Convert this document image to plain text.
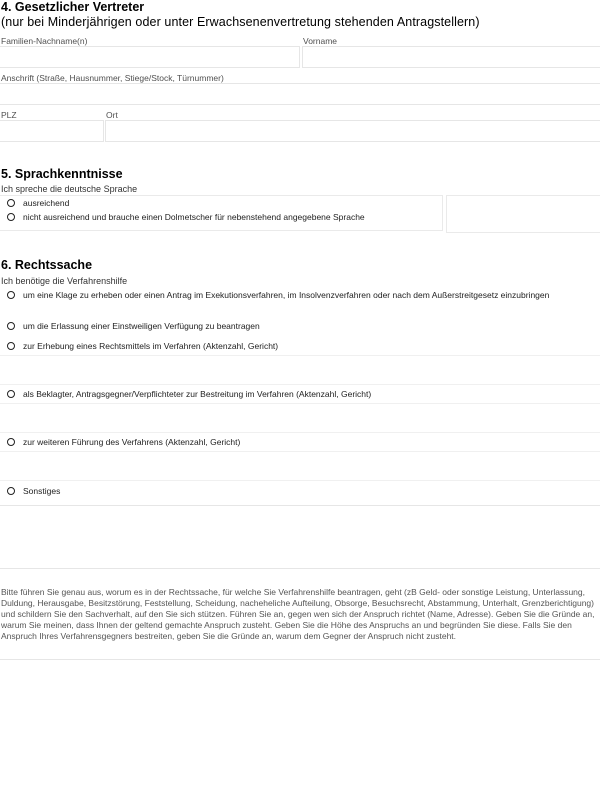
4. Gesetzlicher Vertreter
(nur bei Minderjährigen oder unter Erwachsenenvertretung stehenden Antragstellern)
Familien-Nachname(n)	Vorname
Anschrift (Straße, Hausnummer, Stiege/Stock, Türnummer)
PLZ	Ort
5. Sprachkenntnisse
Ich spreche die deutsche Sprache
ausreichend
nicht ausreichend und brauche einen Dolmetscher für nebenstehend angegebene Sprache
6. Rechtssache
Ich benötige die Verfahrenshilfe
um eine Klage zu erheben oder einen Antrag im Exekutionsverfahren, im Insolvenzverfahren oder nach dem Außerstreitgesetz einzubringen
um die Erlassung einer Einstweiligen Verfügung zu beantragen
zur Erhebung eines Rechtsmittels im Verfahren (Aktenzahl, Gericht)
als Beklagter, Antragsgegner/Verpflichteter zur Bestreitung im Verfahren (Aktenzahl, Gericht)
zur weiteren Führung des Verfahrens (Aktenzahl, Gericht)
Sonstiges
Bitte führen Sie genau aus, worum es in der Rechtssache, für welche Sie Verfahrenshilfe beantragen, geht (zB Geld- oder sonstige Leistung, Unterlassung, Duldung, Herausgabe, Besitzstörung, Feststellung, Scheidung, nacheheliche Aufteilung, Obsorge, Besuchsrecht, Abstammung, Unterhalt, Grenzberichtigung) und schildern Sie den Sachverhalt, auf den Sie sich stützen. Führen Sie an, gegen wen sich der Anspruch richtet (Name, Adresse). Geben Sie die Gründe an, warum Sie meinen, dass Ihnen der geltend gemachte Anspruch zusteht. Geben Sie die Höhe des Anspruchs an und begründen Sie diese. Falls Sie den Anspruch Ihres Verfahrensgegners bestreiten, geben Sie die Gründe an, warum dem Gegner der Anspruch nicht zusteht.
